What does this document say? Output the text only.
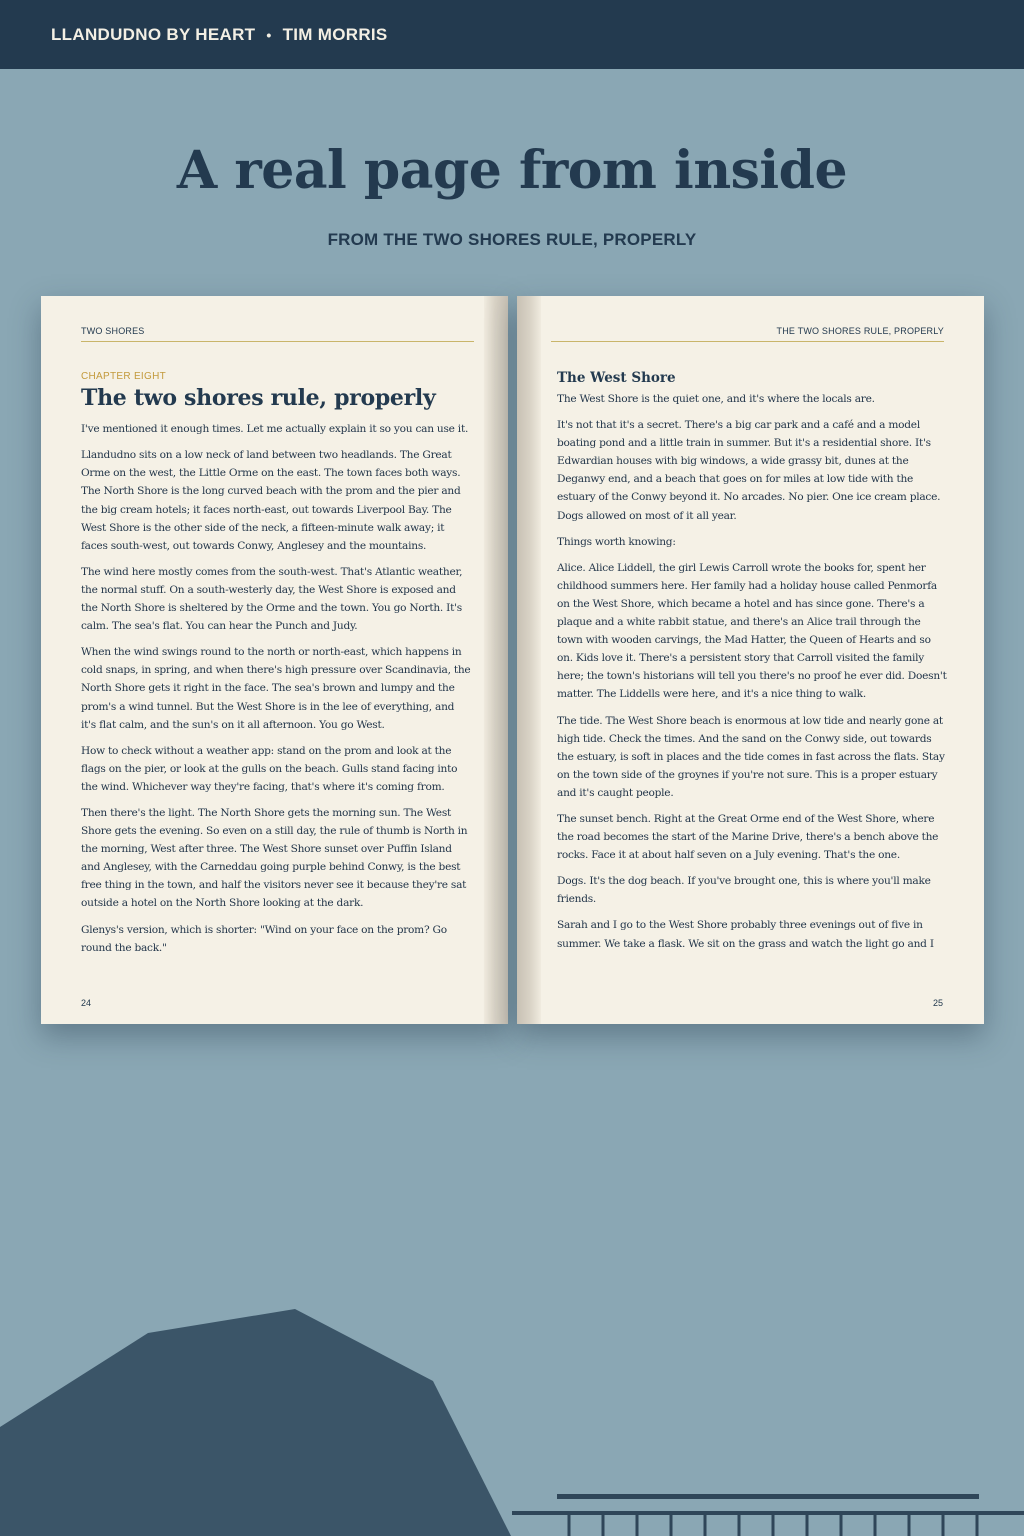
LLANDUDNO BY HEART • TIM MORRIS
A real page from inside
FROM THE TWO SHORES RULE, PROPERLY
TWO SHORES
CHAPTER EIGHT
The two shores rule, properly

I've mentioned it enough times. Let me actually explain it so you can use it.

Llandudno sits on a low neck of land between two headlands. The Great Orme on the west, the Little Orme on the east. The town faces both ways. The North Shore is the long curved beach with the prom and the pier and the big cream hotels; it faces north-east, out towards Liverpool Bay. The West Shore is the other side of the neck, a fifteen-minute walk away; it faces south-west, out towards Conwy, Anglesey and the mountains.

The wind here mostly comes from the south-west. That's Atlantic weather, the normal stuff. On a south-westerly day, the West Shore is exposed and the North Shore is sheltered by the Orme and the town. You go North. It's calm. The sea's flat. You can hear the Punch and Judy.

When the wind swings round to the north or north-east, which happens in cold snaps, in spring, and when there's high pressure over Scandinavia, the North Shore gets it right in the face. The sea's brown and lumpy and the prom's a wind tunnel. But the West Shore is in the lee of everything, and it's flat calm, and the sun's on it all afternoon. You go West.

How to check without a weather app: stand on the prom and look at the flags on the pier, or look at the gulls on the beach. Gulls stand facing into the wind. Whichever way they're facing, that's where it's coming from.

Then there's the light. The North Shore gets the morning sun. The West Shore gets the evening. So even on a still day, the rule of thumb is North in the morning, West after three. The West Shore sunset over Puffin Island and Anglesey, with the Carneddau going purple behind Conwy, is the best free thing in the town, and half the visitors never see it because they're sat outside a hotel on the North Shore looking at the dark.

Glenys's version, which is shorter: "Wind on your face on the prom? Go round the back."

24
THE TWO SHORES RULE, PROPERLY
The West Shore

The West Shore is the quiet one, and it's where the locals are.

It's not that it's a secret. There's a big car park and a café and a model boating pond and a little train in summer. But it's a residential shore. It's Edwardian houses with big windows, a wide grassy bit, dunes at the Deganwy end, and a beach that goes on for miles at low tide with the estuary of the Conwy beyond it. No arcades. No pier. One ice cream place. Dogs allowed on most of it all year.

Things worth knowing:

Alice. Alice Liddell, the girl Lewis Carroll wrote the books for, spent her childhood summers here. Her family had a holiday house called Penmorfa on the West Shore, which became a hotel and has since gone. There's a plaque and a white rabbit statue, and there's an Alice trail through the town with wooden carvings, the Mad Hatter, the Queen of Hearts and so on. Kids love it. There's a persistent story that Carroll visited the family here; the town's historians will tell you there's no proof he ever did. Doesn't matter. The Liddells were here, and it's a nice thing to walk.

The tide. The West Shore beach is enormous at low tide and nearly gone at high tide. Check the times. And the sand on the Conwy side, out towards the estuary, is soft in places and the tide comes in fast across the flats. Stay on the town side of the groynes if you're not sure. This is a proper estuary and it's caught people.

The sunset bench. Right at the Great Orme end of the West Shore, where the road becomes the start of the Marine Drive, there's a bench above the rocks. Face it at about half seven on a July evening. That's the one.

Dogs. It's the dog beach. If you've brought one, this is where you'll make friends.

Sarah and I go to the West Shore probably three evenings out of five in summer. We take a flask. We sit on the grass and watch the light go and I

25
